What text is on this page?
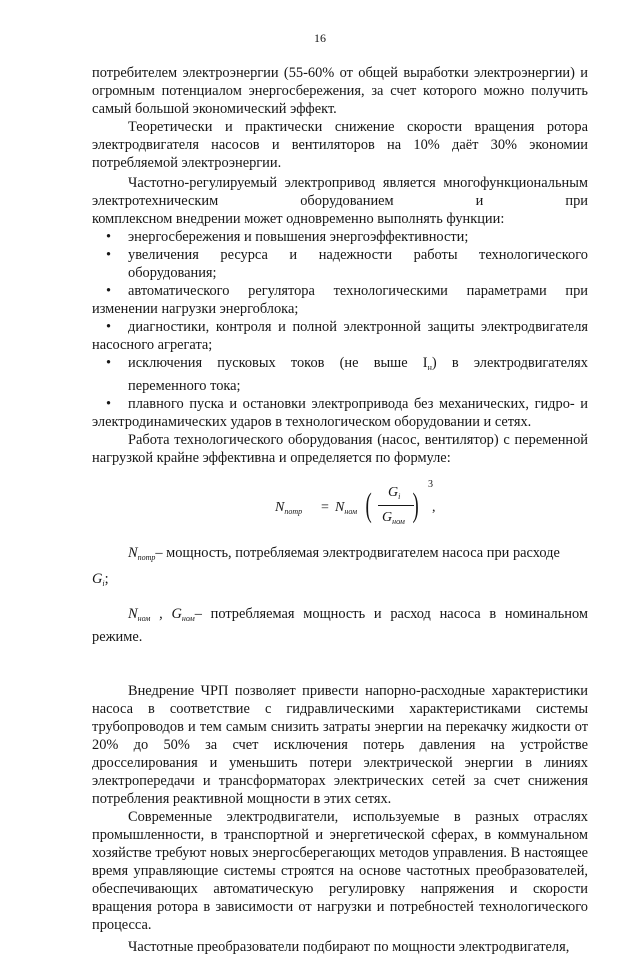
16

потребителем электроэнергии (55-60% от общей выработки электроэнергии) и огромным потенциалом энергосбережения, за счет которого можно получить самый большой экономический эффект.

Теоретически и практически снижение скорости вращения ротора электродвигателя насосов и вентиляторов на 10% даёт 30% экономии потребляемой электроэнергии.

Частотно-регулируемый электропривод является многофункциональным электротехническим оборудованием и при

комплексном внедрении может одновременно выполнять функции:

• энергосбережения и повышения энергоэффективности;

• увеличения ресурса и надежности работы технологического оборудования;

• автоматического регулятора технологическими параметрами при изменении нагрузки энергоблока;

• диагностики, контроля и полной электронной защиты электродвигателя насосного агрегата;

• исключения пусковых токов (не выше $I_н$) в электродвигателях переменного тока;

• плавного пуска и остановки электропривода без механических, гидро- и электродинамических ударов в технологическом оборудовании и сетях.

Работа технологического оборудования (насос, вентилятор) с переменной нагрузкой крайне эффективна и определяется по формуле:

$N_{потр} = N_{ном}$ ( $G_i$
$G_{ном}$ )
3
,

$N_{потр}-$ мощность, потребляемая электродвигателем насоса при расходе

$G_i$;

$N_{ном}$ , $G_{ном}-$ потребляемая мощность и расход насоса в номинальном режиме.

Внедрение ЧРП позволяет привести напорно-расходные характеристики насоса в соответствие с гидравлическими характеристиками системы трубопроводов и тем самым снизить затраты энергии на перекачку жидкости от 20% до 50% за счет исключения потерь давления на устройстве дросселирования и уменьшить потери электрической энергии в линиях электропередачи и трансформаторах электрических сетей за счет снижения потребления реактивной мощности в этих сетях.

Современные электродвигатели, используемые в разных отраслях промышленности, в транспортной и энергетической сферах, в коммунальном хозяйстве требуют новых энергосберегающих методов управления. В настоящее время управляющие системы строятся на основе частотных преобразователей, обеспечивающих автоматическую регулировку напряжения и скорости вращения ротора в зависимости от нагрузки и потребностей технологического процесса.

Частотные преобразователи подбирают по мощности электродвигателя,
